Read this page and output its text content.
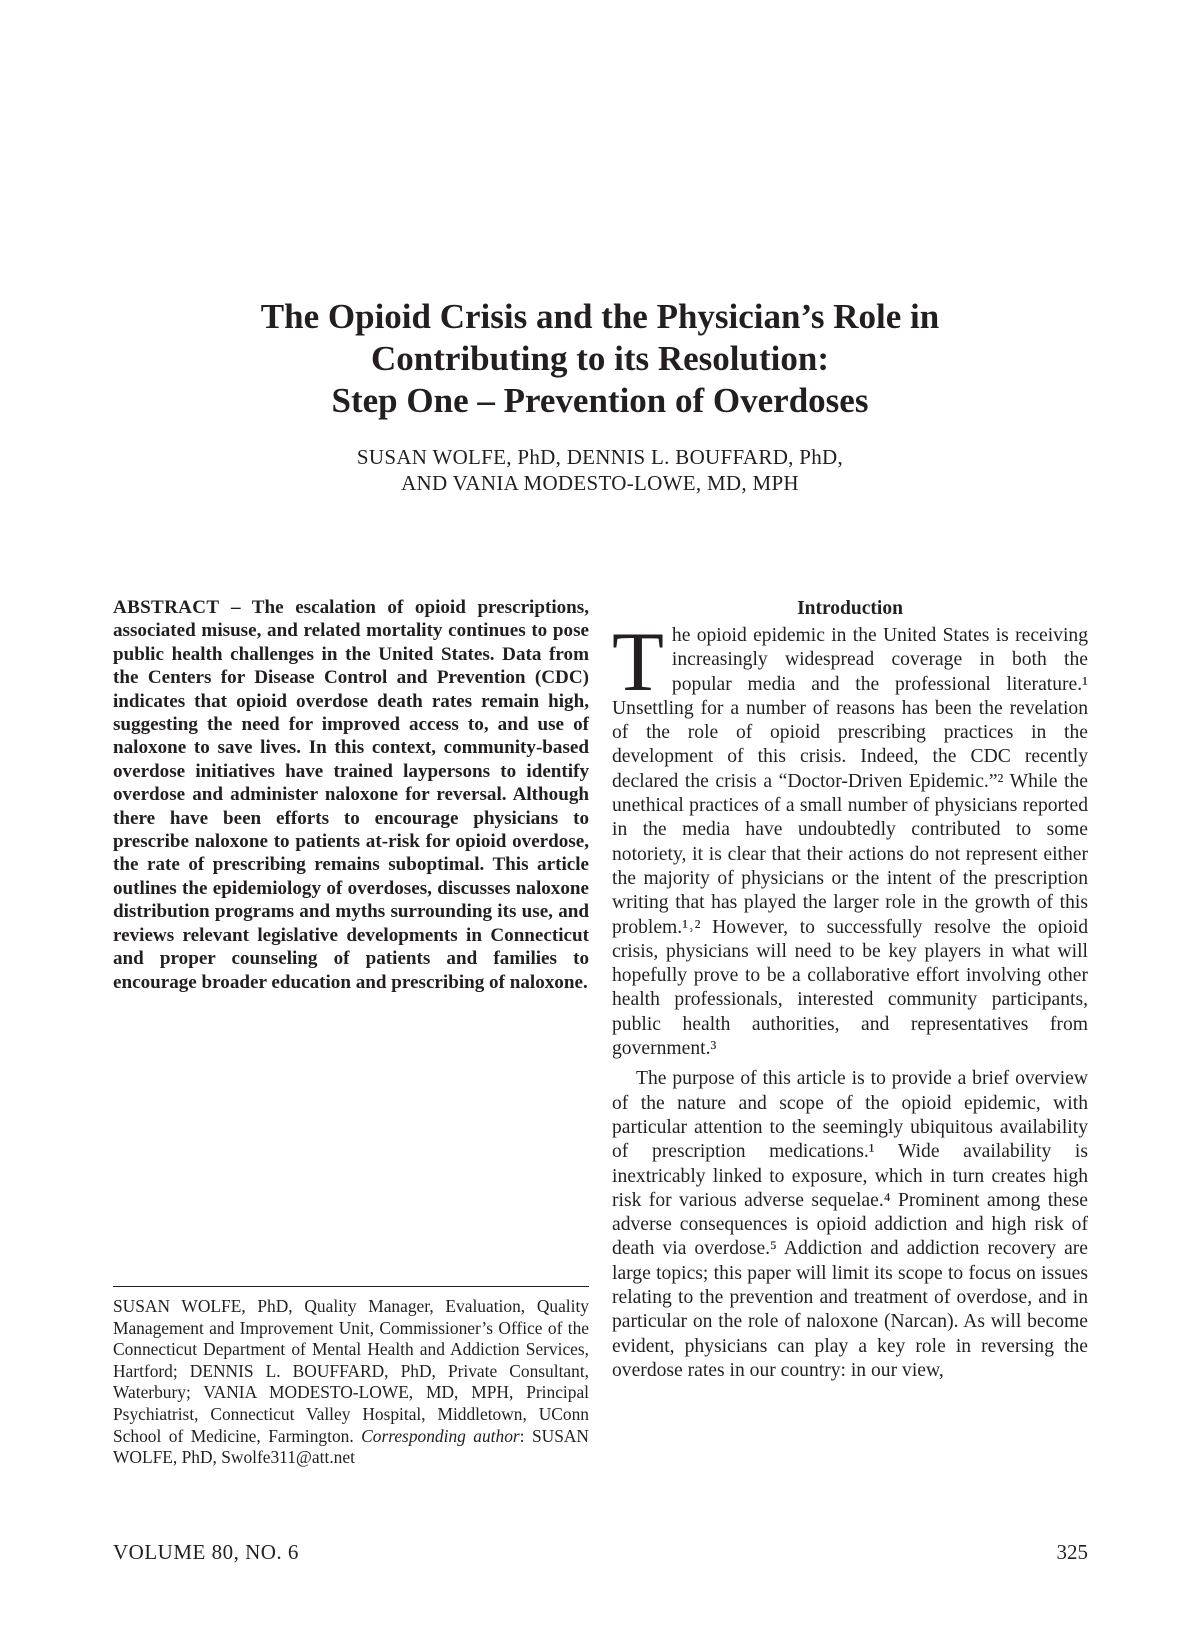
The Opioid Crisis and the Physician’s Role in
Contributing to its Resolution:
Step One – Prevention of Overdoses
SUSAN WOLFE, PhD, DENNIS L. BOUFFARD, PhD,
AND VANIA MODESTO-LOWE, MD, MPH

ABSTRACT – The escalation of opioid prescriptions, associated misuse, and related mortality continues to pose public health challenges in the United States. Data from the Centers for Disease Control and Prevention (CDC) indicates that opioid overdose death rates remain high, suggesting the need for improved access to, and use of naloxone to save lives. In this context, community-based overdose initiatives have trained laypersons to identify overdose and administer naloxone for reversal. Although there have been efforts to encourage physicians to prescribe naloxone to patients at-risk for opioid overdose, the rate of prescribing remains suboptimal. This article outlines the epidemiology of overdoses, discusses naloxone distribution programs and myths surrounding its use, and reviews relevant legislative developments in Connecticut and proper counseling of patients and families to encourage broader education and prescribing of naloxone.

SUSAN WOLFE, PhD, Quality Manager, Evaluation, Quality Management and Improvement Unit, Commissioner’s Office of the Connecticut Department of Mental Health and Addiction Services, Hartford; DENNIS L. BOUFFARD, PhD, Private Consultant, Waterbury; VANIA MODESTO-LOWE, MD, MPH, Principal Psychiatrist, Connecticut Valley Hospital, Middletown, UConn School of Medicine, Farmington. Corresponding author: SUSAN WOLFE, PhD, Swolfe311@att.net

Introduction

The opioid epidemic in the United States is receiving increasingly widespread coverage in both the popular media and the professional literature.¹ Unsettling for a number of reasons has been the revelation of the role of opioid prescribing practices in the development of this crisis. Indeed, the CDC recently declared the crisis a “Doctor-Driven Epidemic.”² While the unethical practices of a small number of physicians reported in the media have undoubtedly contributed to some notoriety, it is clear that their actions do not represent either the majority of physicians or the intent of the prescription writing that has played the larger role in the growth of this problem.¹˒² However, to successfully resolve the opioid crisis, physicians will need to be key players in what will hopefully prove to be a collaborative effort involving other health professionals, interested community participants, public health authorities, and representatives from government.³

The purpose of this article is to provide a brief overview of the nature and scope of the opioid epidemic, with particular attention to the seemingly ubiquitous availability of prescription medications.¹ Wide availability is inextricably linked to exposure, which in turn creates high risk for various adverse sequelae.⁴ Prominent among these adverse consequences is opioid addiction and high risk of death via overdose.⁵ Addiction and addiction recovery are large topics; this paper will limit its scope to focus on issues relating to the prevention and treatment of overdose, and in particular on the role of naloxone (Narcan). As will become evident, physicians can play a key role in reversing the overdose rates in our country: in our view,

VOLUME 80, NO. 6	325
